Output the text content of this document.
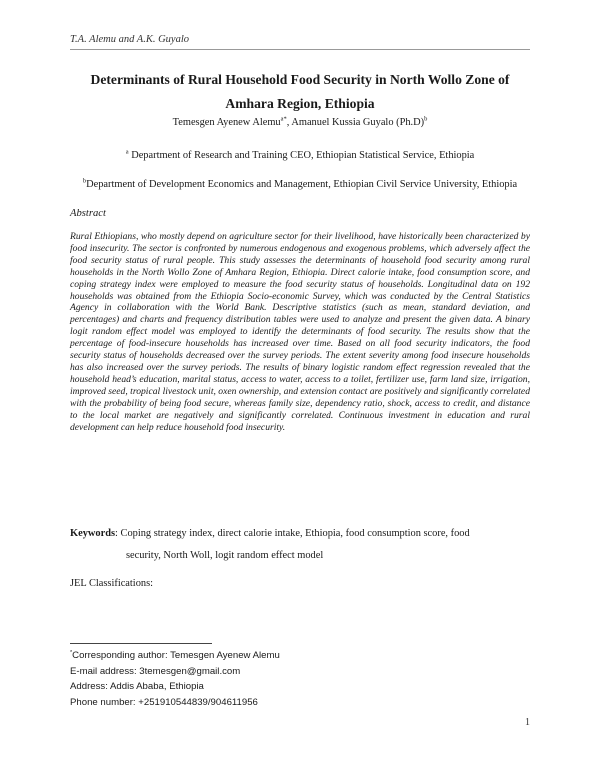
T.A. Alemu and A.K. Guyalo
Determinants of Rural Household Food Security in North Wollo Zone of
Amhara Region, Ethiopia
Temesgen Ayenew Alemu$^{a*}$, Amanuel Kussia Guyalo $(Ph.D)^b$
$^a$ Department of Research and Training CEO, Ethiopian Statistical Service, Ethiopia
$^b$Department of Development Economics and Management, Ethiopian Civil Service University, Ethiopia
Abstract

Rural Ethiopians, who mostly depend on agriculture sector for their livelihood, have historically been characterized by food insecurity. The sector is confronted by numerous endogenous and exogenous problems, which adversely affect the food security status of rural people. This study assesses the determinants of household food security among rural households in the North Wollo Zone of Amhara Region, Ethiopia. Direct calorie intake, food consumption score, and coping strategy index were employed to measure the food security status of households. Longitudinal data on 192 households was obtained from the Ethiopia Socio-economic Survey, which was conducted by the Central Statistics Agency in collaboration with the World Bank. Descriptive statistics (such as mean, standard deviation, and percentages) and charts and frequency distribution tables were used to analyze and present the given data. A binary logit random effect model was employed to identify the determinants of food security. The results show that the percentage of food-insecure households has increased over time. Based on all food security indicators, the food security status of households decreased over the survey periods. The extent severity among food insecure households has also increased over the survey periods. The results of binary logistic random effect regression revealed that the household head’s education, marital status, access to water, access to a toilet, fertilizer use, farm land size, irrigation, improved seed, tropical livestock unit, oxen ownership, and extension contact are positively and significantly correlated with the probability of being food secure, whereas family size, dependency ratio, shock, access to credit, and distance to the local market are negatively and significantly correlated. Continuous investment in education and rural development can help reduce household food insecurity.

Keywords: Coping strategy index, direct calorie intake, Ethiopia, food consumption score, food
security, North Woll, logit random effect model

JEL Classifications:
*Corresponding author: Temesgen Ayenew Alemu
E-mail address: 3temesgen@gmail.com
Address: Addis Ababa, Ethiopia
Phone number: +251910544839/904611956
1
